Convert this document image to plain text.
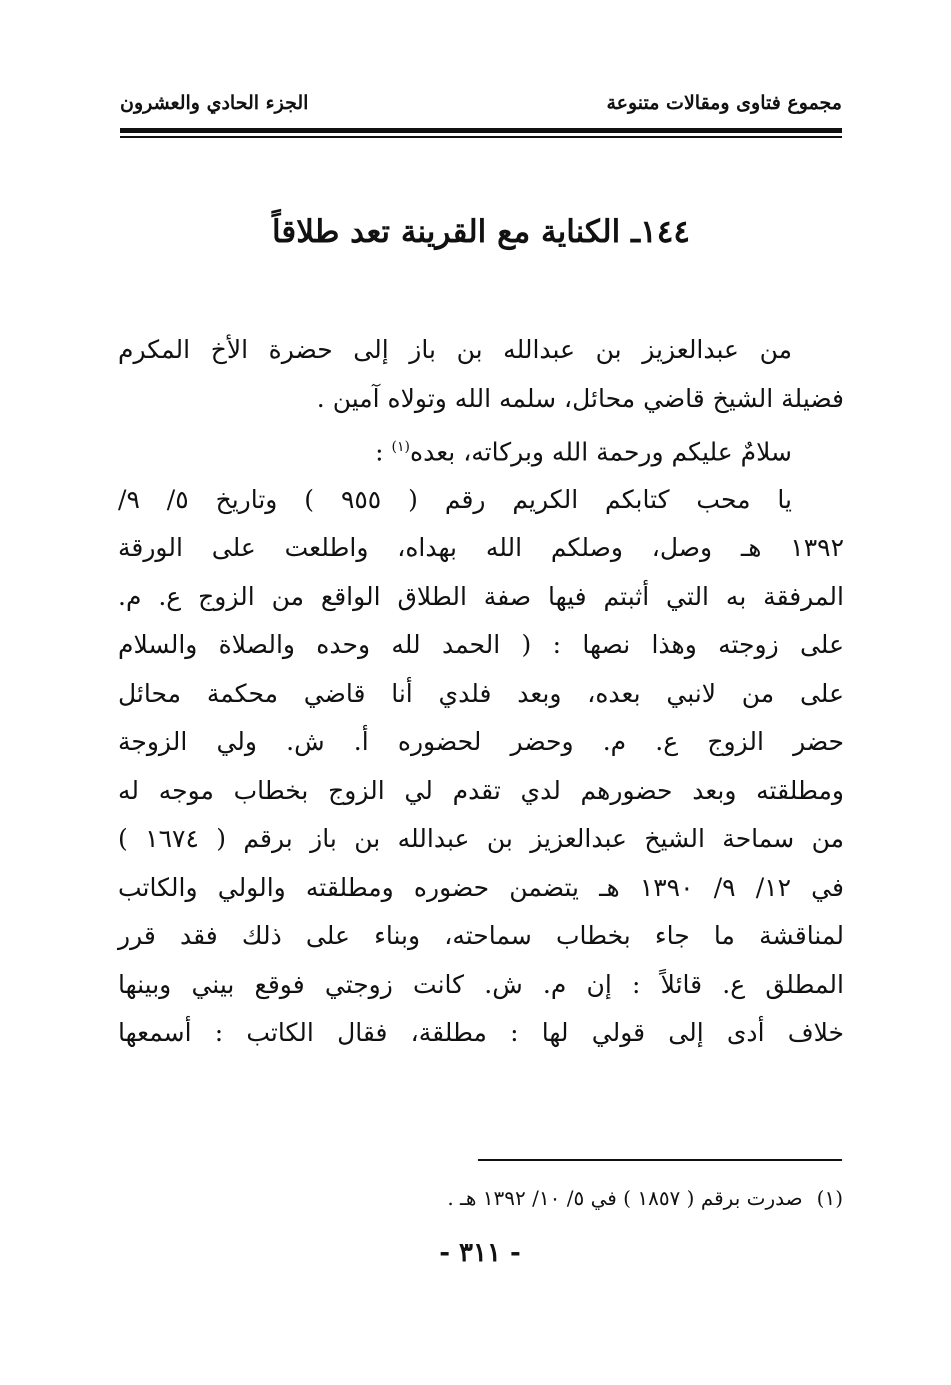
مجموع فتاوى ومقالات متنوعة
الجزء الحادي والعشرون
١٤٤ـ الكناية مع القرينة تعد طلاقاً
من عبدالعزيز بن عبدالله بن باز إلى حضرة الأخ المكرم
فضيلة الشيخ قاضي محائل، سلمه الله وتولاه آمين .
سلامٌ عليكم ورحمة الله وبركاته، بعده$^{(١)}$ :
يا محب كتابكم الكريم رقم ( ٩٥٥ ) وتاريخ ٥/ ٩/
١٣٩٢ هـ وصل، وصلكم الله بهداه، واطلعت على الورقة
المرفقة به التي أثبتم فيها صفة الطلاق الواقع من الزوج ع. م.
على زوجته وهذا نصها : ( الحمد لله وحده والصلاة والسلام
على من لانبي بعده، وبعد فلدي أنا قاضي محكمة محائل
حضر الزوج ع. م. وحضر لحضوره أ. ش. ولي الزوجة
ومطلقته وبعد حضورهم لدي تقدم لي الزوج بخطاب موجه له
من سماحة الشيخ عبدالعزيز بن عبدالله بن باز برقم ( ١٦٧٤ )
في ١٢/ ٩/ ١٣٩٠ هـ يتضمن حضوره ومطلقته والولي والكاتب
لمناقشة ما جاء بخطاب سماحته، وبناء على ذلك فقد قرر
المطلق ع. قائلاً : إن م. ش. كانت زوجتي فوقع بيني وبينها
خلاف أدى إلى قولي لها : مطلقة، فقال الكاتب : أسمعها
(١)صدرت برقم ( ١٨٥٧ ) في ٥/ ١٠/ ١٣٩٢ هـ .
- ٣١١ -
